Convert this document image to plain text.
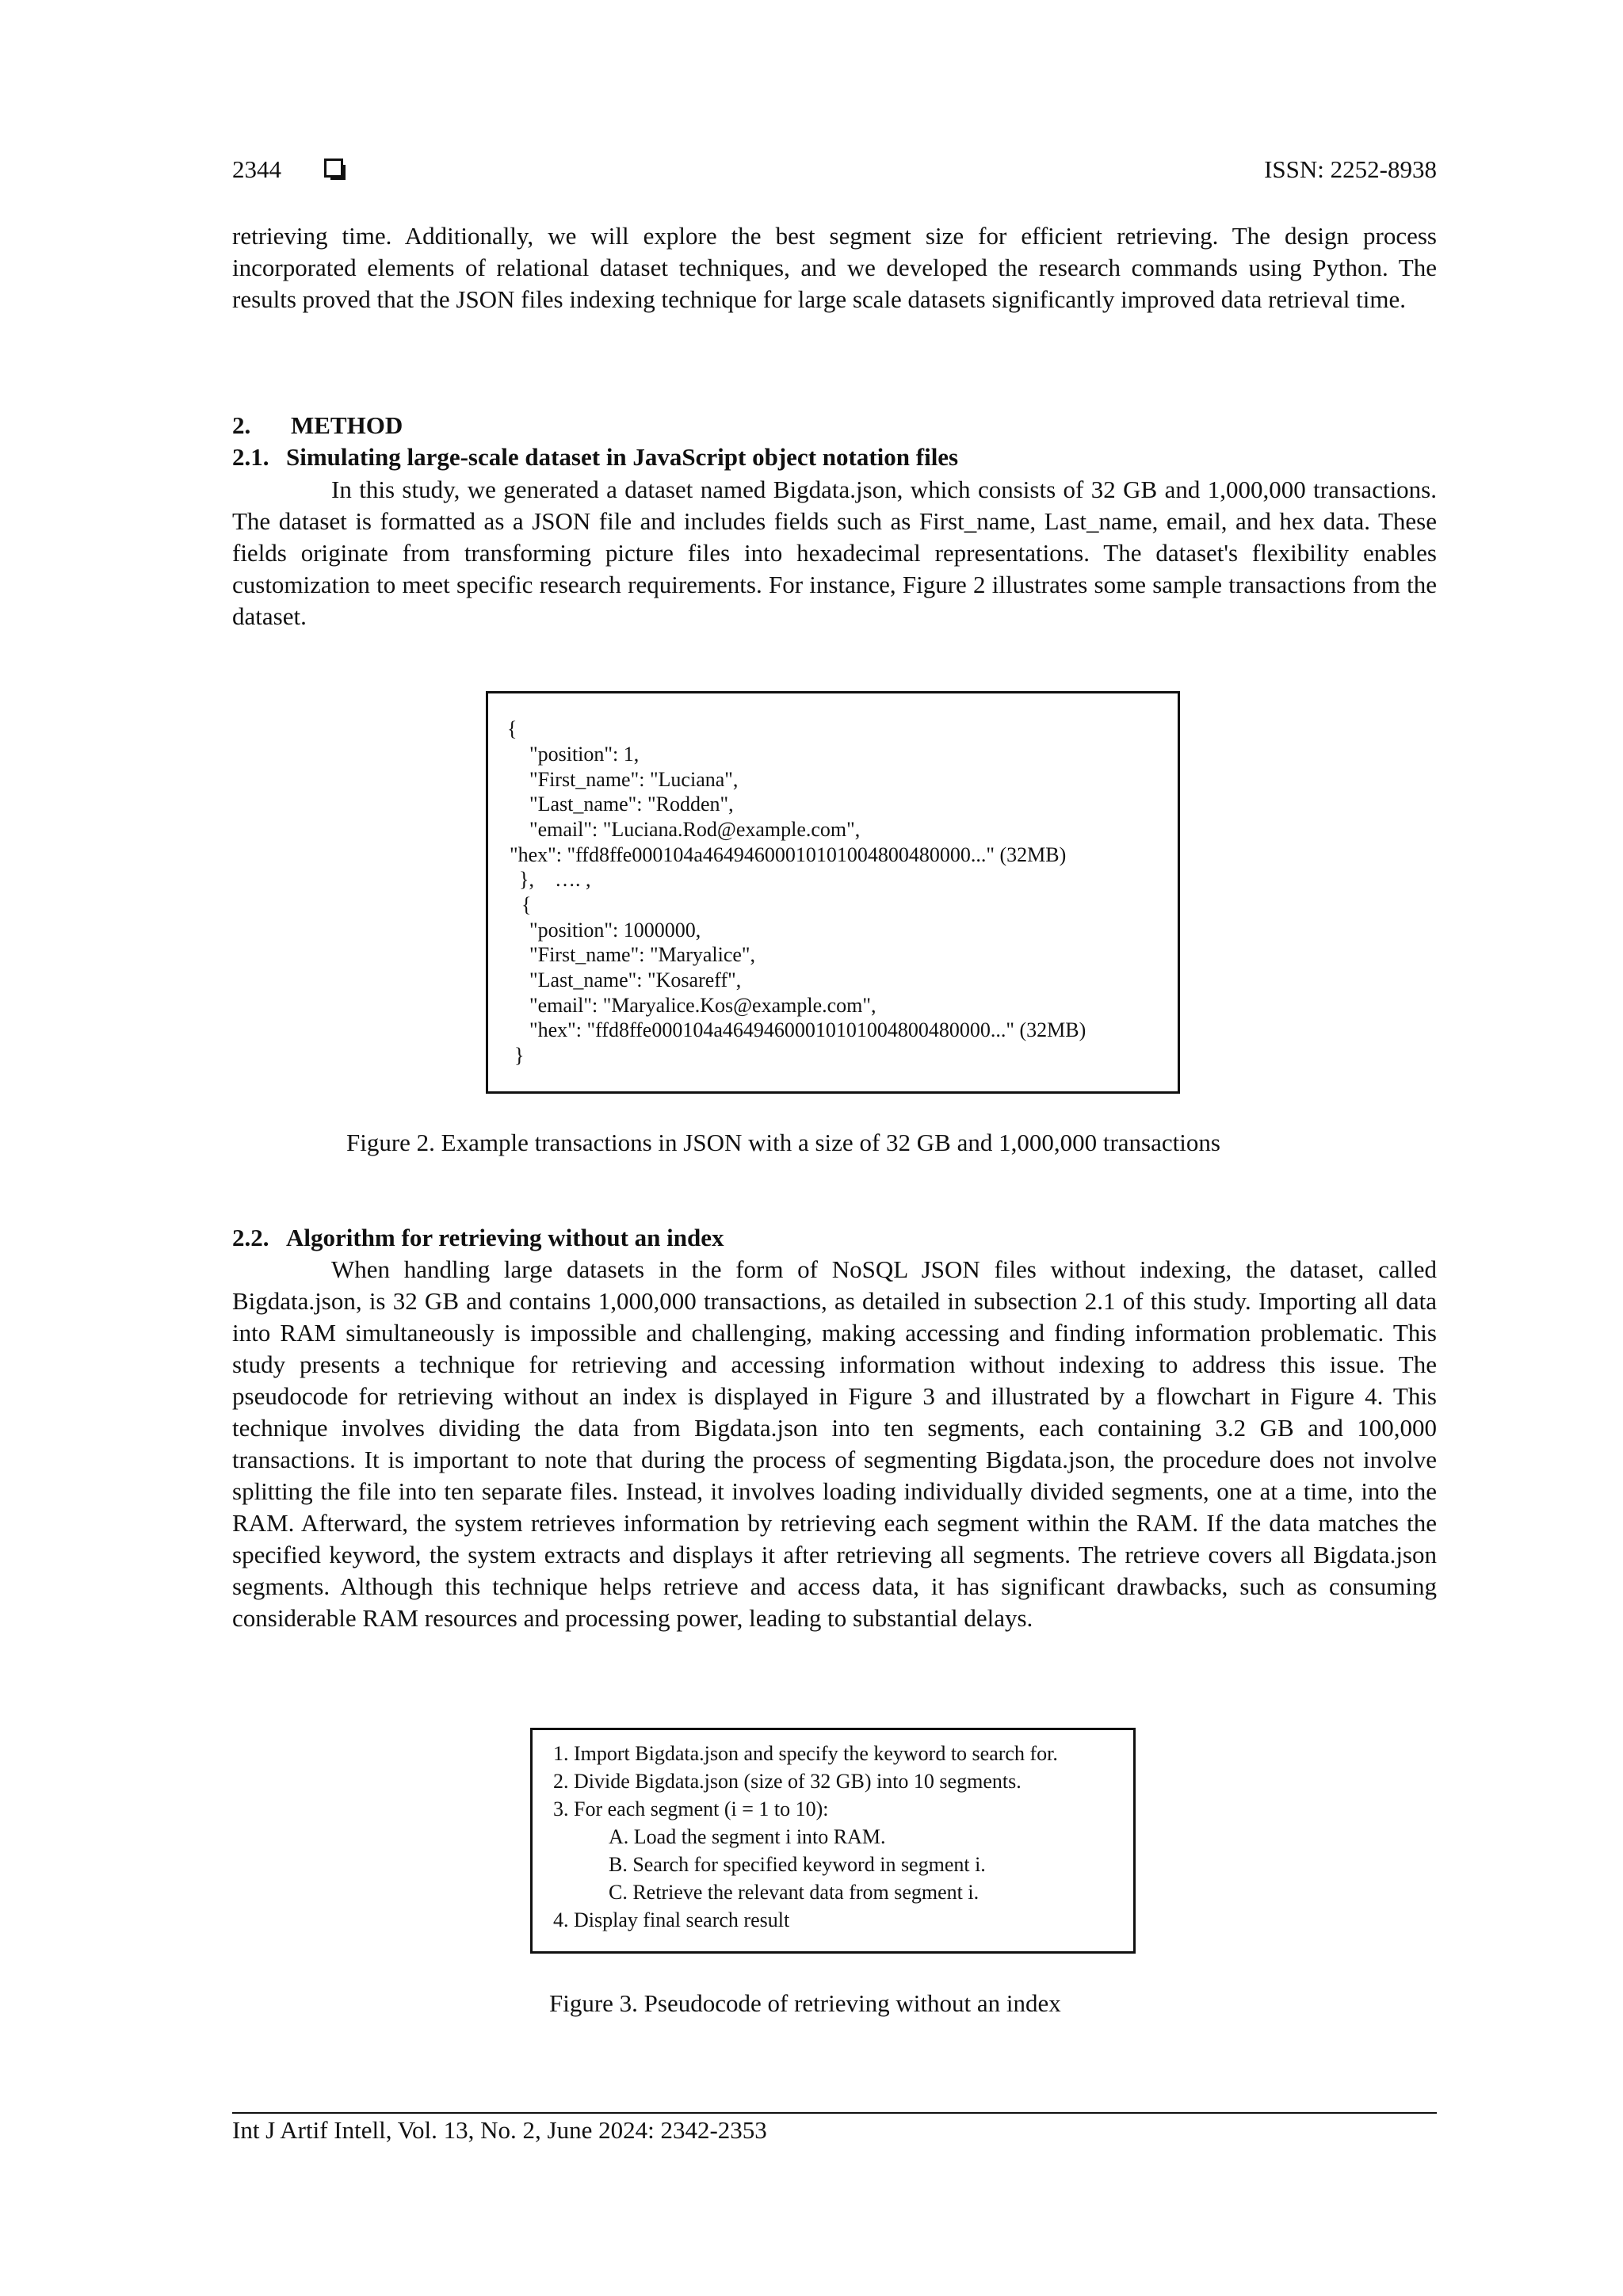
2344	ISSN: 2252-8938

retrieving time. Additionally, we will explore the best segment size for efficient retrieving. The design process incorporated elements of relational dataset techniques, and we developed the research commands using Python. The results proved that the JSON files indexing technique for large scale datasets significantly improved data retrieval time.

2. METHOD
2.1. Simulating large-scale dataset in JavaScript object notation files

In this study, we generated a dataset named Bigdata.json, which consists of 32 GB and 1,000,000 transactions. The dataset is formatted as a JSON file and includes fields such as First_name, Last_name, email, and hex data. These fields originate from transforming picture files into hexadecimal representations. The dataset's flexibility enables customization to meet specific research requirements. For instance, Figure 2 illustrates some sample transactions from the dataset.

{
"position": 1,
"First_name": "Luciana",
"Last_name": "Rodden",
"email": "Luciana.Rod@example.com",
"hex": "ffd8ffe000104a46494600010101004800480000..." (32MB)
},    …. ,
{
"position": 1000000,
"First_name": "Maryalice",
"Last_name": "Kosareff",
"email": "Maryalice.Kos@example.com",
"hex": "ffd8ffe000104a46494600010101004800480000..." (32MB)
}

Figure 2. Example transactions in JSON with a size of 32 GB and 1,000,000 transactions

2.2. Algorithm for retrieving without an index

When handling large datasets in the form of NoSQL JSON files without indexing, the dataset, called Bigdata.json, is 32 GB and contains 1,000,000 transactions, as detailed in subsection 2.1 of this study. Importing all data into RAM simultaneously is impossible and challenging, making accessing and finding information problematic. This study presents a technique for retrieving and accessing information without indexing to address this issue. The pseudocode for retrieving without an index is displayed in Figure 3 and illustrated by a flowchart in Figure 4. This technique involves dividing the data from Bigdata.json into ten segments, each containing 3.2 GB and 100,000 transactions. It is important to note that during the process of segmenting Bigdata.json, the procedure does not involve splitting the file into ten separate files. Instead, it involves loading individually divided segments, one at a time, into the RAM. Afterward, the system retrieves information by retrieving each segment within the RAM. If the data matches the specified keyword, the system extracts and displays it after retrieving all segments. The retrieve covers all Bigdata.json segments. Although this technique helps retrieve and access data, it has significant drawbacks, such as consuming considerable RAM resources and processing power, leading to substantial delays.

1. Import Bigdata.json and specify the keyword to search for.
2. Divide Bigdata.json (size of 32 GB) into 10 segments.
3. For each segment (i = 1 to 10):
A. Load the segment i into RAM.
B. Search for specified keyword in segment i.
C. Retrieve the relevant data from segment i.
4. Display final search result

Figure 3. Pseudocode of retrieving without an index

Int J Artif Intell, Vol. 13, No. 2, June 2024: 2342-2353
